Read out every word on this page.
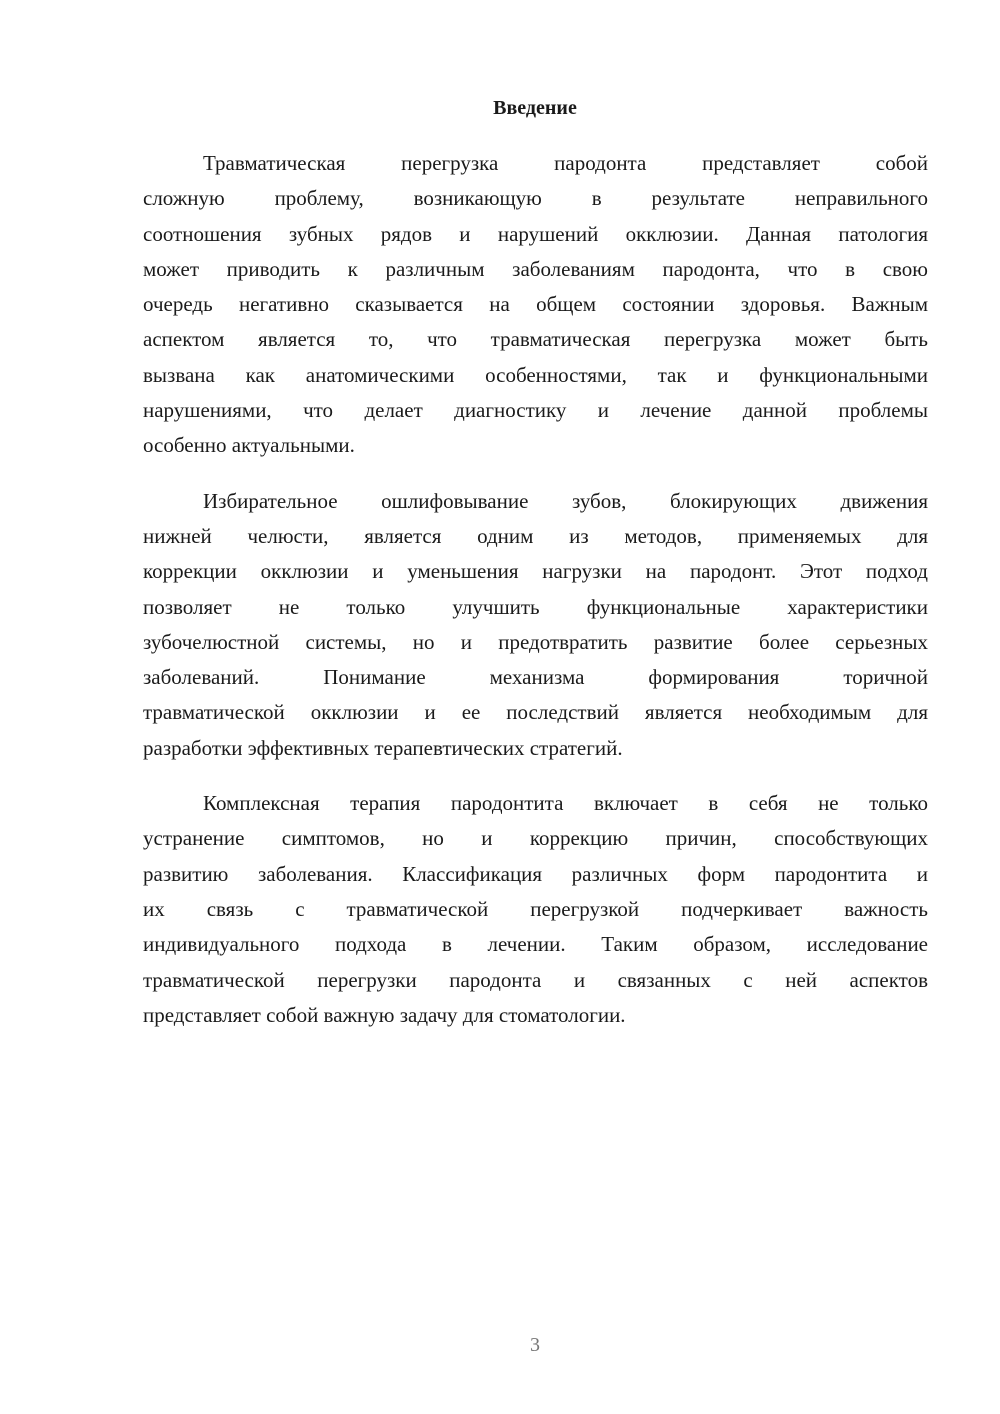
Введение
Травматическая перегрузка пародонта представляет собой
сложную проблему, возникающую в результате неправильного
соотношения зубных рядов и нарушений окклюзии. Данная патология
может приводить к различным заболеваниям пародонта, что в свою
очередь негативно сказывается на общем состоянии здоровья. Важным
аспектом является то, что травматическая перегрузка может быть
вызвана как анатомическими особенностями, так и функциональными
нарушениями, что делает диагностику и лечение данной проблемы
особенно актуальными.
Избирательное ошлифовывание зубов, блокирующих движения
нижней челюсти, является одним из методов, применяемых для
коррекции окклюзии и уменьшения нагрузки на пародонт. Этот подход
позволяет не только улучшить функциональные характеристики
зубочелюстной системы, но и предотвратить развитие более серьезных
заболеваний. Понимание механизма формирования торичной
травматической окклюзии и ее последствий является необходимым для
разработки эффективных терапевтических стратегий.
Комплексная терапия пародонтита включает в себя не только
устранение симптомов, но и коррекцию причин, способствующих
развитию заболевания. Классификация различных форм пародонтита и
их связь с травматической перегрузкой подчеркивает важность
индивидуального подхода в лечении. Таким образом, исследование
травматической перегрузки пародонта и связанных с ней аспектов
представляет собой важную задачу для стоматологии.
3
